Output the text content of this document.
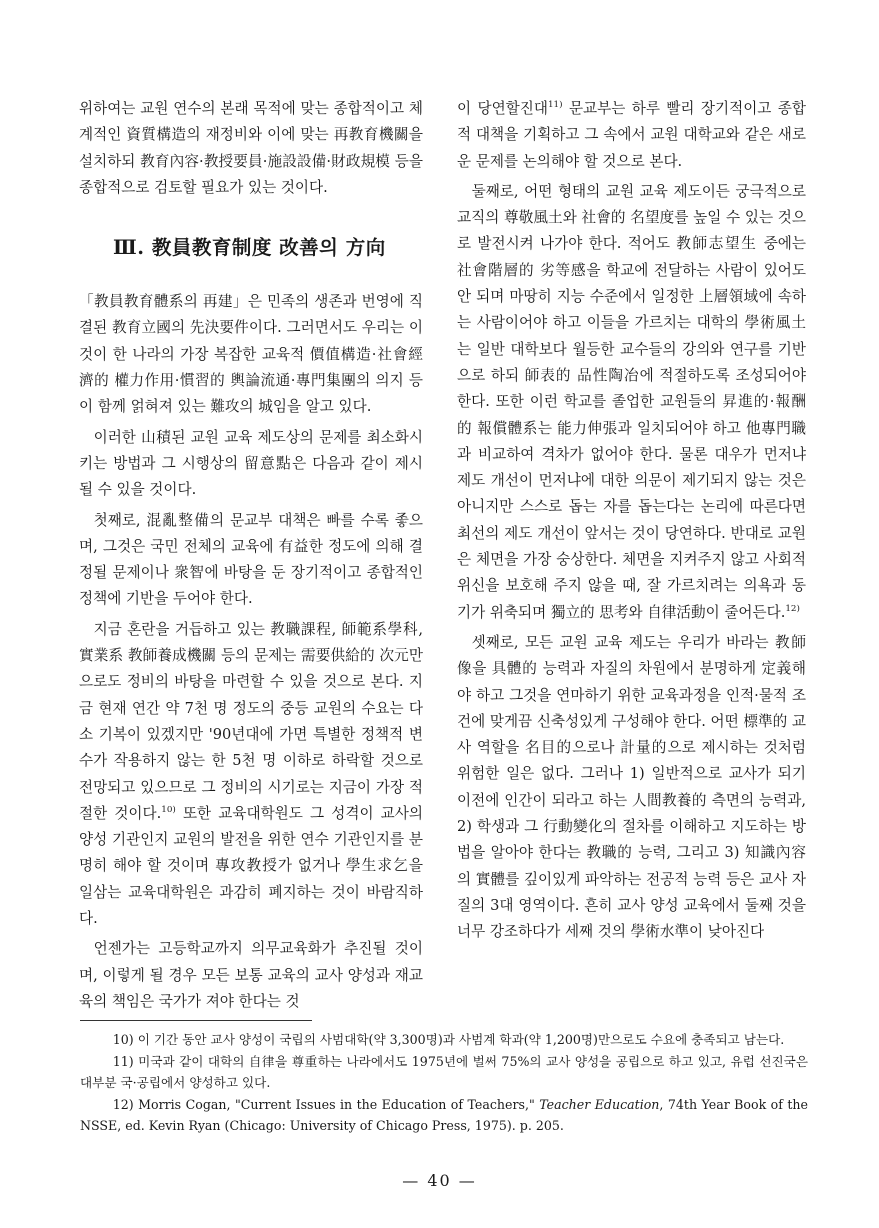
위하여는 교원 연수의 본래 목적에 맞는 종합적이고 체계적인 資質構造의 재정비와 이에 맞는 再教育機關을 설치하되 教育內容·教授要員·施設設備·財政規模 등을 종합적으로 검토할 필요가 있는 것이다.

Ⅲ. 教員教育制度 改善의 方向

「教員教育體系의 再建」은 민족의 생존과 번영에 직결된 教育立國의 先決要件이다. 그러면서도 우리는 이것이 한 나라의 가장 복잡한 교육적 價值構造·社會經濟的 權力作用·慣習的 輿論流通·專門集團의 의지 등이 함께 얽혀져 있는 難攻의 城임을 알고 있다.

이러한 山積된 교원 교육 제도상의 문제를 최소화시키는 방법과 그 시행상의 留意點은 다음과 같이 제시될 수 있을 것이다.

첫째로, 混亂整備의 문교부 대책은 빠를 수록 좋으며, 그것은 국민 전체의 교육에 有益한 정도에 의해 결정될 문제이나 衆智에 바탕을 둔 장기적이고 종합적인 정책에 기반을 두어야 한다.

지금 혼란을 거듭하고 있는 教職課程, 師範系學科, 實業系 教師養成機關 등의 문제는 需要供給的 次元만으로도 정비의 바탕을 마련할 수 있을 것으로 본다. 지금 현재 연간 약 7천 명 정도의 중등 교원의 수요는 다소 기복이 있겠지만 '90년대에 가면 특별한 정책적 변수가 작용하지 않는 한 5천 명 이하로 하락할 것으로 전망되고 있으므로 그 정비의 시기로는 지금이 가장 적절한 것이다.$^{10)}$ 또한 교육대학원도 그 성격이 교사의 양성 기관인지 교원의 발전을 위한 연수 기관인지를 분명히 해야 할 것이며 專攻教授가 없거나 學生求乞을 일삼는 교육대학원은 과감히 폐지하는 것이 바람직하다.

언젠가는 고등학교까지 의무교육화가 추진될 것이며, 이렇게 될 경우 모든 보통 교육의 교사 양성과 재교육의 책임은 국가가 져야 한다는 것

이 당연할진대$^{11)}$ 문교부는 하루 빨리 장기적이고 종합적 대책을 기획하고 그 속에서 교원 대학교와 같은 새로운 문제를 논의해야 할 것으로 본다.

둘째로, 어떤 형태의 교원 교육 제도이든 궁극적으로 교직의 尊敬風土와 社會的 名望度를 높일 수 있는 것으로 발전시켜 나가야 한다. 적어도 教師志望生 중에는 社會階層的 劣等感을 학교에 전달하는 사람이 있어도 안 되며 마땅히 지능 수준에서 일정한 上層領域에 속하는 사람이어야 하고 이들을 가르치는 대학의 學術風土는 일반 대학보다 월등한 교수들의 강의와 연구를 기반으로 하되 師表的 品性陶冶에 적절하도록 조성되어야 한다. 또한 이런 학교를 졸업한 교원들의 昇進的·報酬的 報償體系는 能力伸張과 일치되어야 하고 他專門職과 비교하여 격차가 없어야 한다. 물론 대우가 먼저냐 제도 개선이 먼저냐에 대한 의문이 제기되지 않는 것은 아니지만 스스로 돕는 자를 돕는다는 논리에 따른다면 최선의 제도 개선이 앞서는 것이 당연하다. 반대로 교원은 체면을 가장 숭상한다. 체면을 지켜주지 않고 사회적 위신을 보호해 주지 않을 때, 잘 가르치려는 의욕과 동기가 위축되며 獨立的 思考와 自律活動이 줄어든다.$^{12)}$

셋째로, 모든 교원 교육 제도는 우리가 바라는 教師像을 具體的 능력과 자질의 차원에서 분명하게 定義해야 하고 그것을 연마하기 위한 교육과정을 인적·물적 조건에 맞게끔 신축성있게 구성해야 한다. 어떤 標準的 교사 역할을 名目的으로나 計量的으로 제시하는 것처럼 위험한 일은 없다. 그러나 1) 일반적으로 교사가 되기 이전에 인간이 되라고 하는 人間教養的 측면의 능력과, 2) 학생과 그 行動變化의 절차를 이해하고 지도하는 방법을 알아야 한다는 教職的 능력, 그리고 3) 知識內容의 實體를 깊이있게 파악하는 전공적 능력 등은 교사 자질의 3대 영역이다. 흔히 교사 양성 교육에서 둘째 것을 너무 강조하다가 세째 것의 學術水準이 낮아진다

10) 이 기간 동안 교사 양성이 국립의 사범대학(약 3,300명)과 사범계 학과(약 1,200명)만으로도 수요에 충족되고 남는다.

11) 미국과 같이 대학의 自律을 尊重하는 나라에서도 1975년에 벌써 75%의 교사 양성을 공립으로 하고 있고, 유럽 선진국은 대부분 국·공립에서 양성하고 있다.

12) Morris Cogan, "Current Issues in the Education of Teachers," Teacher Education, 74th Year Book of the NSSE, ed. Kevin Ryan (Chicago: University of Chicago Press, 1975). p. 205.

— 40 —
